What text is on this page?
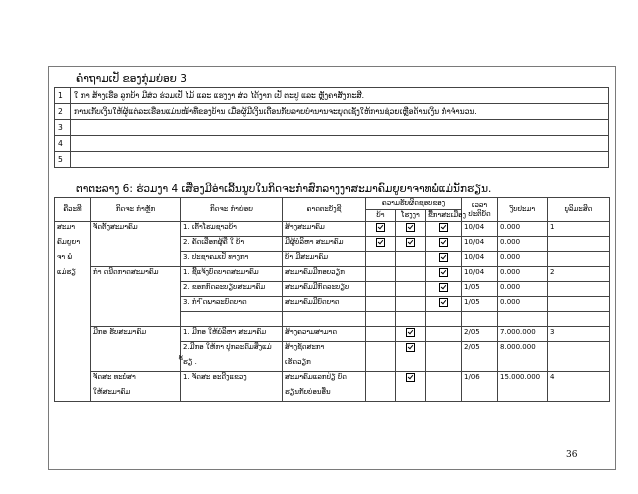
ຄຳຖາມເປັ ຂອງກຸ່ມຍ່ອຍ 3
1	ໃ ກາ ສ້າງເຮືອ ລູກບ້າ ມີສ່ວ ຮ່ວມເປັ ໄມ້ ແລະ ແຮງງາ ສ່ວ ໄດ້ງາກ ເປັ ຕະປູ ແລະ ຫຼັງຄາສັງກະສີ.
2	ການເກັບເງິນໃຫ້ຜູ້ແຕ່ລະເຮືອນແມ່ນໜ້າທີ່ຂອງບ້ານ ເມື່ອຜູ້ມີເງິນເດືອນກັບລາຍບຳນານຈະຍຸດເຊັງໃຫ້ການຊ່ວຍເຫຼືອດ້ານເງິນ ກ່ຳຈຳນວນ.
3	
4	
5	
ຕາຕະລາງ 6: ຮ່ວມງາ 4 ເສື່ອງມີອ່າເລີ້ນນູບໃນກິດຈະກຳສົກລາງງາສະມາຄົມຍູຍາຈາທພໍ່ແມ່ນັກຮຽນ.
ຄືວະທີ	ກິດຈະ ກຳຫຼັກ	ກິດຈະ ກຳຍ່ອຍ	ຄາດຕະບັງຊີ	ຄວາມຮັບຜິດຊອບຂອງ			ເວລາ ປະຕິບັດ	ງົບປະມາ	ບູລິມະສິດ
				ບ້າ	ໂຮງງາ	ຂື້ກາສະເມືອງ			
ສະມາ	ຈັດຕັ້ງສະມາຄົມ	1. ເຕົ້າໂຮມຊາວບ້າ	ສ້າງສະມາຄົມ				10/04	0.000	1
ຄົມຍູຍາ		2. ຄັດເລືອກຜູ້ຄື ໃ ບ້າ	ມີຜູ້ບໍລິຫາ ສະມາຄົມ				10/04	0.000	
ຈາ ພໍ່		3. ປະຊາຄມເປັ ທາງກາ	ບ້າ ມີສະມາຄົມ				10/04	0.000	
ແມ່ຮຽ	ກຳ ດນີດກາດສະມາຄົມ	1. ຊີ້ແຈ້ງບົດບາດສະມາຄົມ	ສະມາຄົມມີກອບວຽກ				10/04	0.000	2
		2. ຂອກກົດລະບຽບສະມາຄົມ	ສະມາຄົມມີກົດລະບຽບ				1/05	0.000	
		3. ກຳ ົດພາລະບົດບາດ	ສະມາຄົມມີບົດບາດ				1/05	0.000	

	ມີກອ ຮັບສະມາຄົມ	1. ມີກອ ໃຫ້ບໍລິຫາ ສະມາຄົມ	ສ້າງຄວາມສາມາດ				2/05	7.000.000	3
		2.ມີກອ ໃຫ້ກາ ປຸກລະດົມສິ່ງແມ່	ສ້າງຊັດສະກາ				2/05	8.000.000	
		ີ້ຮຽ .	ເຮັດວຽກ						
	ຈັດສະ ທະບໍ່ສາ	1. ຈັດສະ ອະດີງແຂວງ	ສະມາຄົມແລກປ່ຽ ບົດ				1/06	15.000.000	4
	ໃຫ້ສະມາຄົມ		ຮຽນກັບບ່ອນອື່ນ						
36
